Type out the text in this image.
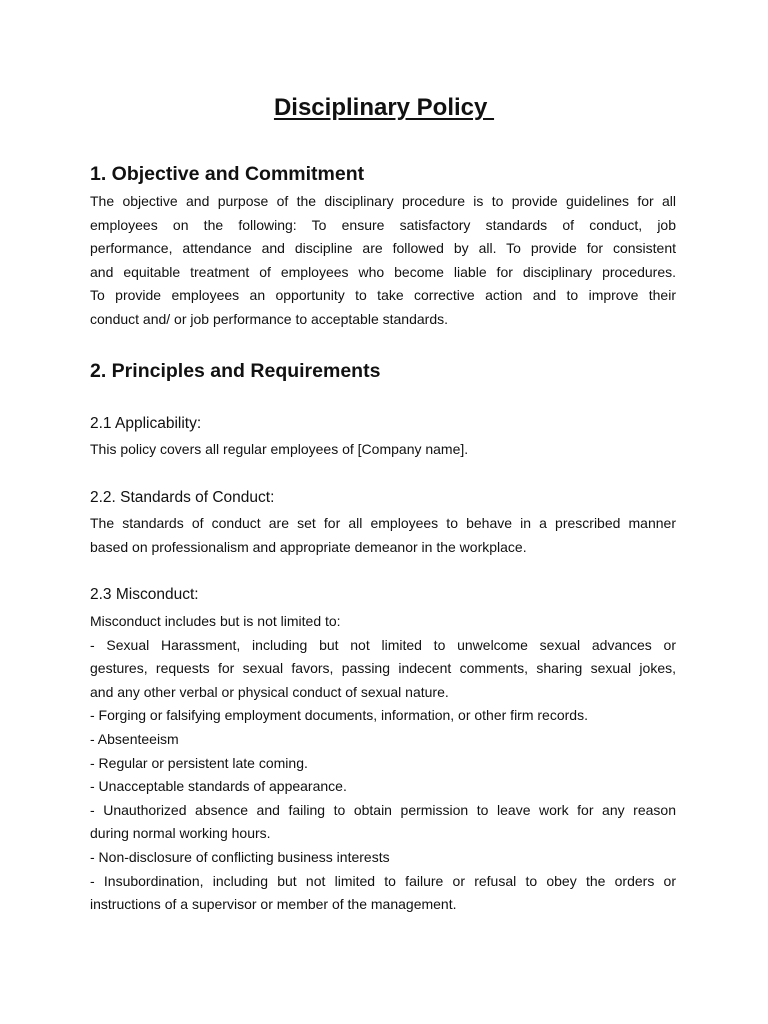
Disciplinary Policy
1. Objective and Commitment
The objective and purpose of the disciplinary procedure is to provide guidelines for all
employees on the following: To ensure satisfactory standards of conduct, job
performance, attendance and discipline are followed by all. To provide for consistent
and equitable treatment of employees who become liable for disciplinary procedures.
To provide employees an opportunity to take corrective action and to improve their
conduct and/ or job performance to acceptable standards.
2. Principles and Requirements
2.1 Applicability:
This policy covers all regular employees of [Company name].
2.2. Standards of Conduct:
The standards of conduct are set for all employees to behave in a prescribed manner
based on professionalism and appropriate demeanor in the workplace.
2.3 Misconduct:
Misconduct includes but is not limited to:
- Sexual Harassment, including but not limited to unwelcome sexual advances or
gestures, requests for sexual favors, passing indecent comments, sharing sexual jokes,
and any other verbal or physical conduct of sexual nature.
- Forging or falsifying employment documents, information, or other firm records.
- Absenteeism
- Regular or persistent late coming.
- Unacceptable standards of appearance.
- Unauthorized absence and failing to obtain permission to leave work for any reason
during normal working hours.
- Non-disclosure of conflicting business interests
- Insubordination, including but not limited to failure or refusal to obey the orders or
instructions of a supervisor or member of the management.
